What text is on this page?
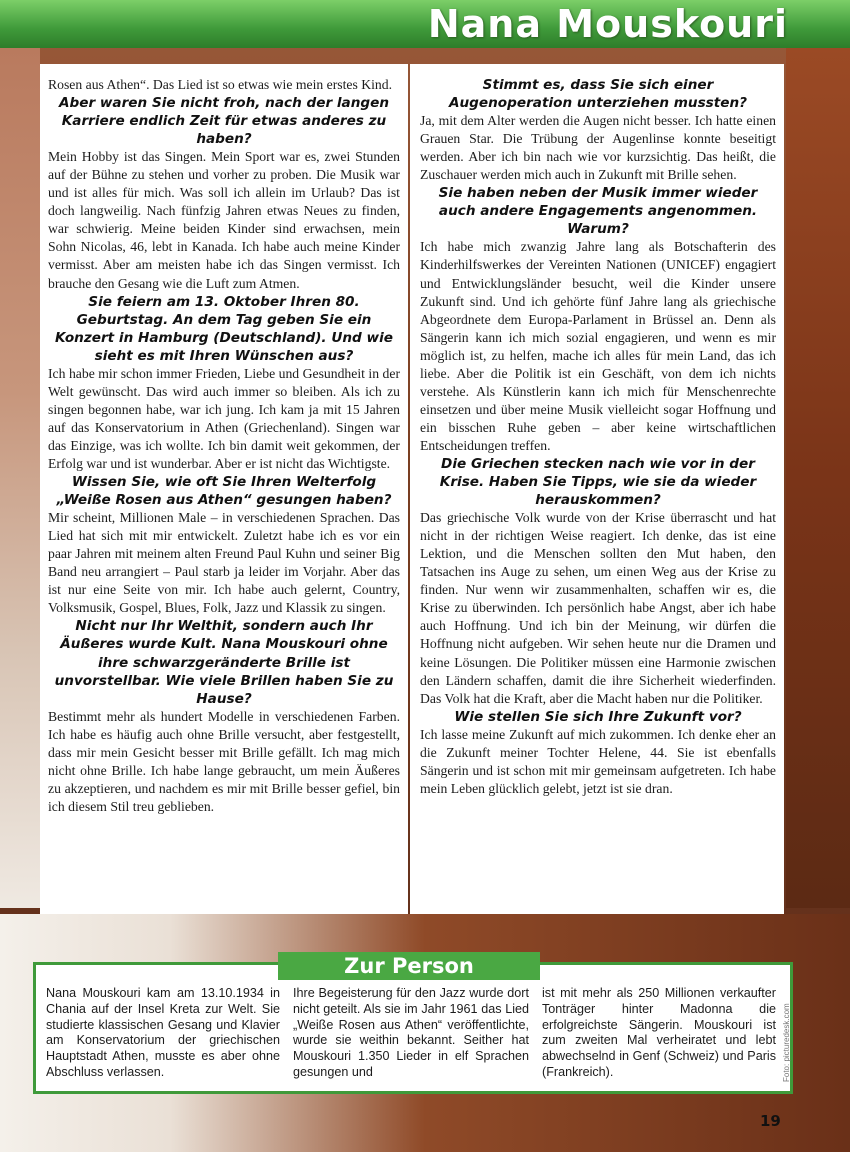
Nana Mouskouri

Rosen aus Athen“. Das Lied ist so etwas wie mein erstes Kind.

Aber waren Sie nicht froh, nach der langen Karriere endlich Zeit für etwas anderes zu haben?

Mein Hobby ist das Singen. Mein Sport war es, zwei Stunden auf der Bühne zu stehen und vorher zu proben. Die Musik war und ist alles für mich. Was soll ich allein im Urlaub? Das ist doch langweilig. Nach fünfzig Jahren etwas Neues zu finden, war schwierig. Meine beiden Kinder sind erwachsen, mein Sohn Nicolas, 46, lebt in Kanada. Ich habe auch meine Kinder vermisst. Aber am meisten habe ich das Singen vermisst. Ich brauche den Gesang wie die Luft zum Atmen.

Sie feiern am 13. Oktober Ihren 80. Geburtstag. An dem Tag geben Sie ein Konzert in Hamburg (Deutschland). Und wie sieht es mit Ihren Wünschen aus?

Ich habe mir schon immer Frieden, Liebe und Gesundheit in der Welt gewünscht. Das wird auch immer so bleiben. Als ich zu singen begonnen habe, war ich jung. Ich kam ja mit 15 Jahren auf das Konservatorium in Athen (Griechenland). Singen war das Einzige, was ich wollte. Ich bin damit weit gekommen, der Erfolg war und ist wunderbar. Aber er ist nicht das Wichtigste.

Wissen Sie, wie oft Sie Ihren Welterfolg „Weiße Rosen aus Athen“ gesungen haben?

Mir scheint, Millionen Male – in verschiedenen Sprachen. Das Lied hat sich mit mir entwickelt. Zuletzt habe ich es vor ein paar Jahren mit meinem alten Freund Paul Kuhn und seiner Big Band neu arrangiert – Paul starb ja leider im Vorjahr. Aber das ist nur eine Seite von mir. Ich habe auch gelernt, Country, Volksmusik, Gospel, Blues, Folk, Jazz und Klassik zu singen.

Nicht nur Ihr Welthit, sondern auch Ihr Äußeres wurde Kult. Nana Mouskouri ohne ihre schwarzgeränderte Brille ist unvorstellbar. Wie viele Brillen haben Sie zu Hause?

Bestimmt mehr als hundert Modelle in verschiedenen Farben. Ich habe es häufig auch ohne Brille versucht, aber festgestellt, dass mir mein Gesicht besser mit Brille gefällt. Ich mag mich nicht ohne Brille. Ich habe lange gebraucht, um mein Äußeres zu akzeptieren, und nachdem es mir mit Brille besser gefiel, bin ich diesem Stil treu geblieben.

Stimmt es, dass Sie sich einer Augenoperation unterziehen mussten?

Ja, mit dem Alter werden die Augen nicht besser. Ich hatte einen Grauen Star. Die Trübung der Augenlinse konnte beseitigt werden. Aber ich bin nach wie vor kurzsichtig. Das heißt, die Zuschauer werden mich auch in Zukunft mit Brille sehen.

Sie haben neben der Musik immer wieder auch andere Engagements angenommen. Warum?

Ich habe mich zwanzig Jahre lang als Botschafterin des Kinderhilfswerkes der Vereinten Nationen (UNICEF) engagiert und Entwicklungsländer besucht, weil die Kinder unsere Zukunft sind. Und ich gehörte fünf Jahre lang als griechische Abgeordnete dem Europa-Parlament in Brüssel an. Denn als Sängerin kann ich mich sozial engagieren, und wenn es mir möglich ist, zu helfen, mache ich alles für mein Land, das ich liebe. Aber die Politik ist ein Geschäft, von dem ich nichts verstehe. Als Künstlerin kann ich mich für Menschenrechte einsetzen und über meine Musik vielleicht sogar Hoffnung und ein bisschen Ruhe geben – aber keine wirtschaftlichen Entscheidungen treffen.

Die Griechen stecken nach wie vor in der Krise. Haben Sie Tipps, wie sie da wieder herauskommen?

Das griechische Volk wurde von der Krise überrascht und hat nicht in der richtigen Weise reagiert. Ich denke, das ist eine Lektion, und die Menschen sollten den Mut haben, den Tatsachen ins Auge zu sehen, um einen Weg aus der Krise zu finden. Nur wenn wir zusammenhalten, schaffen wir es, die Krise zu überwinden. Ich persönlich habe Angst, aber ich habe auch Hoffnung. Und ich bin der Meinung, wir dürfen die Hoffnung nicht aufgeben. Wir sehen heute nur die Dramen und keine Lösungen. Die Politiker müssen eine Harmonie zwischen den Ländern schaffen, damit die ihre Sicherheit wiederfinden. Das Volk hat die Kraft, aber die Macht haben nur die Politiker.

Wie stellen Sie sich Ihre Zukunft vor?

Ich lasse meine Zukunft auf mich zukommen. Ich denke eher an die Zukunft meiner Tochter Helene, 44. Sie ist ebenfalls Sängerin und ist schon mit mir gemeinsam aufgetreten. Ich habe mein Leben glücklich gelebt, jetzt ist sie dran.

Zur Person
Nana Mouskouri kam am 13.10.1934 in Chania auf der Insel Kreta zur Welt. Sie studierte klassischen Gesang und Klavier am Konservatorium der griechischen Hauptstadt Athen, musste es aber ohne Abschluss verlassen.
Ihre Begeisterung für den Jazz wurde dort nicht geteilt. Als sie im Jahr 1961 das Lied „Weiße Rosen aus Athen“ veröffentlichte, wurde sie weithin bekannt. Seither hat Mouskouri 1.350 Lieder in elf Sprachen gesungen und
ist mit mehr als 250 Millionen verkaufter Tonträger hinter Madonna die erfolgreichste Sängerin. Mouskouri ist zum zweiten Mal verheiratet und lebt abwechselnd in Genf (Schweiz) und Paris (Frankreich).	Foto: picturedesk.com
19
